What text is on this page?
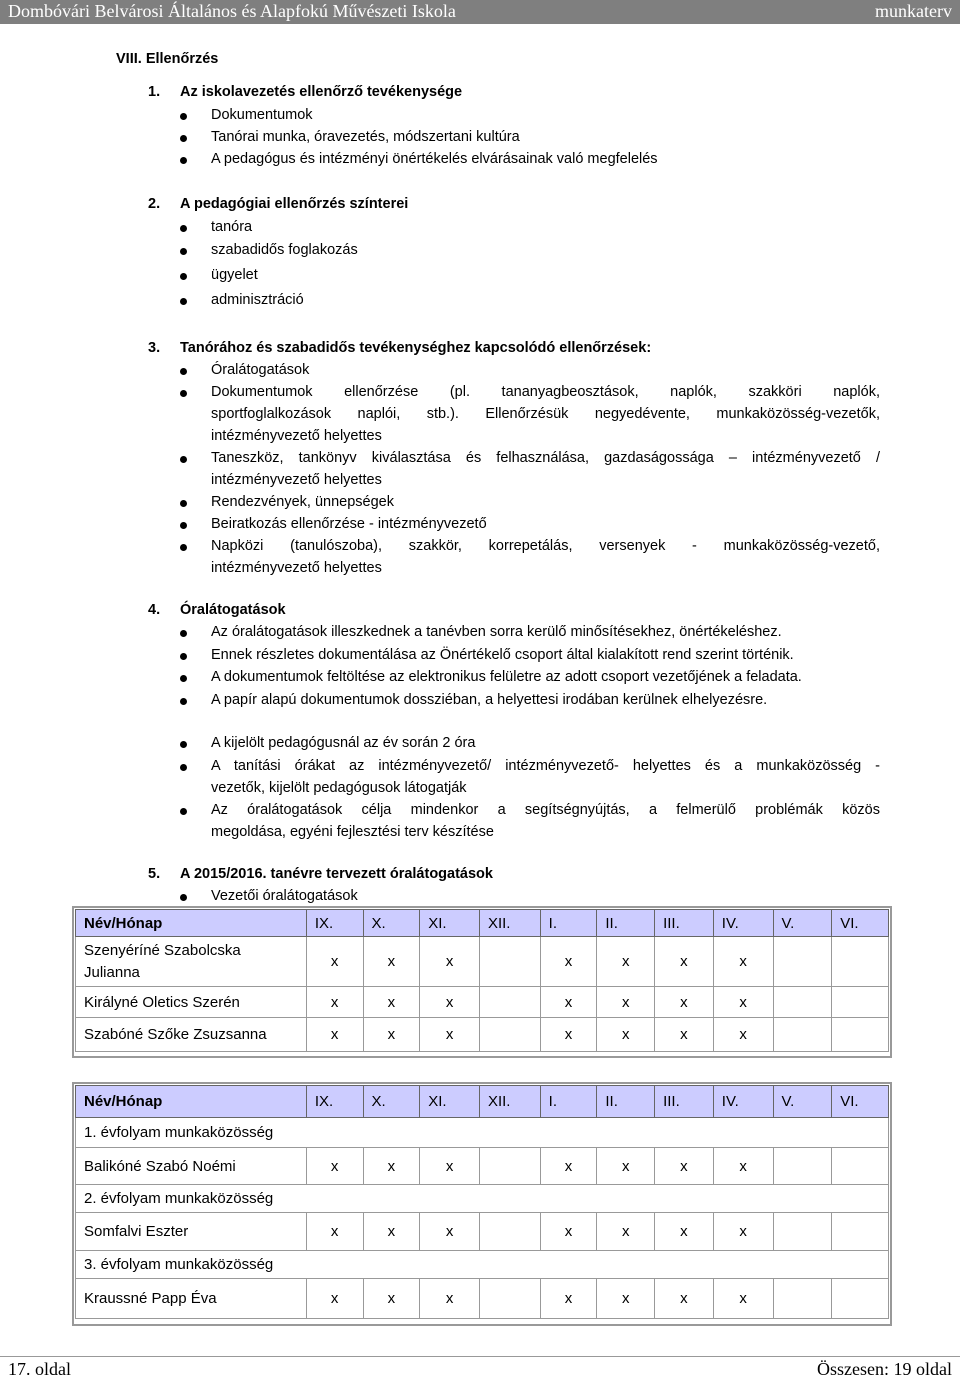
Dombóvári Belvárosi Általános és Alapfokú Művészeti Iskola	munkaterv
VIII. Ellenőrzés
1. Az iskolavezetés ellenőrző tevékenysége
Dokumentumok
Tanórai munka, óravezetés, módszertani kultúra
A pedagógus és intézményi önértékelés elvárásainak való megfelelés
2. A pedagógiai ellenőrzés színterei
tanóra
szabadidős foglakozás
ügyelet
adminisztráció
3. Tanórához és szabadidős tevékenységhez kapcsolódó ellenőrzések:
Óralátogatások
Dokumentumok ellenőrzése (pl. tananyagbeosztások, naplók, szakköri naplók,
sportfoglalkozások naplói, stb.). Ellenőrzésük negyedévente, munkaközösség-vezetők,
intézményvezető helyettes
Taneszköz, tankönyv kiválasztása és felhasználása, gazdaságossága – intézményvezető /
intézményvezető helyettes
Rendezvények, ünnepségek
Beiratkozás ellenőrzése - intézményvezető
Napközi (tanulószoba), szakkör, korrepetálás, versenyek - munkaközösség-vezető,
intézményvezető helyettes
4. Óralátogatások
Az óralátogatások illeszkednek a tanévben sorra kerülő minősítésekhez, önértékeléshez.
Ennek részletes dokumentálása az Önértékelő csoport által kialakított rend szerint történik.
A dokumentumok feltöltése az elektronikus felületre az adott csoport vezetőjének a feladata.
A papír alapú dokumentumok dossziéban, a helyettesi irodában kerülnek elhelyezésre.
A kijelölt pedagógusnál az év során 2 óra
A tanítási órákat az intézményvezető/ intézményvezető- helyettes és a munkaközösség -
vezetők, kijelölt pedagógusok látogatják
Az óralátogatások célja mindenkor a segítségnyújtás, a felmerülő problémák közös
megoldása, egyéni fejlesztési terv készítése
5. A 2015/2016. tanévre tervezett óralátogatások
Vezetői óralátogatások
Név/Hónap	IX.	X.	XI.	XII.	I.	II.	III.	IV.	V.	VI.
Szenyéríné Szabolcska
Julianna	x	x	x		x	x	x	x		
Királyné Oletics Szerén	x	x	x		x	x	x	x		
Szabóné Szőke Zsuzsanna	x	x	x		x	x	x	x		
Név/Hónap	IX.	X.	XI.	XII.	I.	II.	III.	IV.	V.	VI.
1. évfolyam munkaközösség										
Balikóné Szabó Noémi	x	x	x		x	x	x	x		
2. évfolyam munkaközösség										
Somfalvi Eszter	x	x	x		x	x	x	x		
3. évfolyam munkaközösség										
Kraussné Papp Éva	x	x	x		x	x	x	x		
17. oldal	Összesen: 19 oldal
